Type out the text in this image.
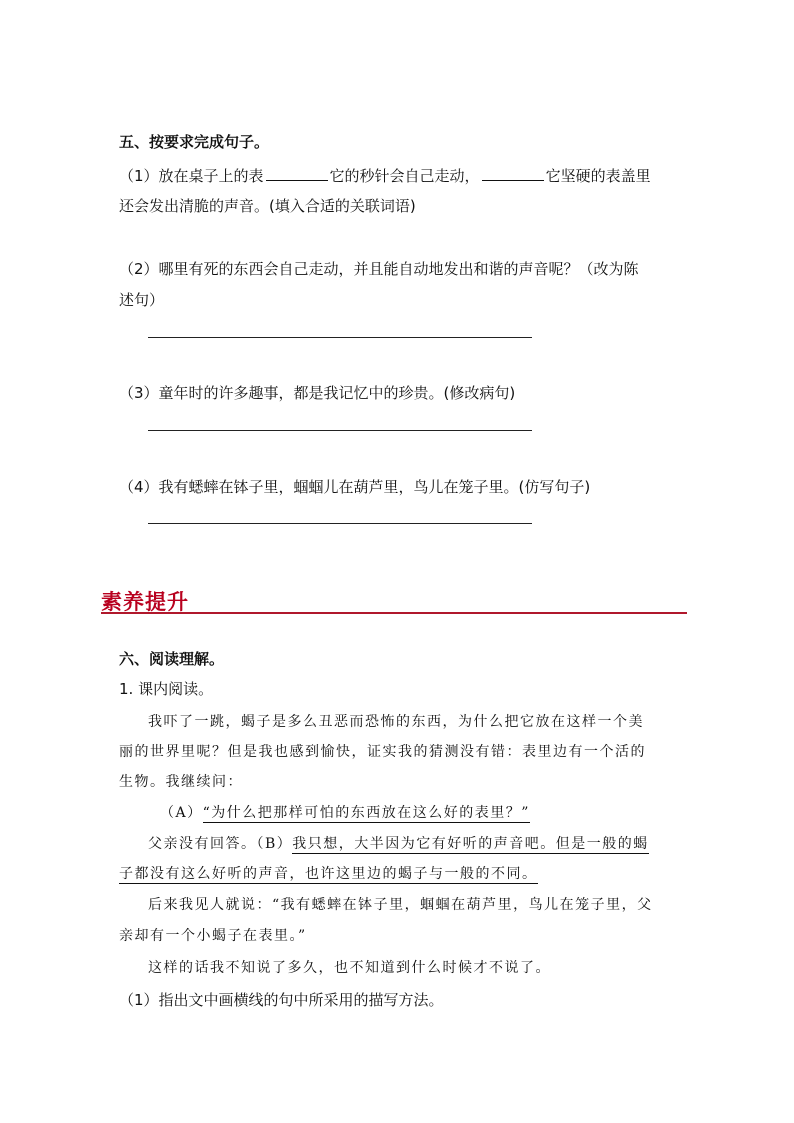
五、按要求完成句子。
（1）放在桌子上的表	它的秒针会自己走动，	它坚硬的表盖里
还会发出清脆的声音。(填入合适的关联词语)
（2）哪里有死的东西会自己走动，并且能自动地发出和谐的声音呢？（改为陈
述句）
（3）童年时的许多趣事，都是我记忆中的珍贵。(修改病句)
（4）我有蟋蟀在钵子里，蝈蝈儿在葫芦里，鸟儿在笼子里。(仿写句子)
素养提升
六、阅读理解。
1. 课内阅读。
我吓了一跳，蝎子是多么丑恶而恐怖的东西，为什么把它放在这样一个美
丽的世界里呢？但是我也感到愉快，证实我的猜测没有错：表里边有一个活的
生物。我继续问：
（A）“为什么把那样可怕的东西放在这么好的表里？”
父亲没有回答。（B）我只想，大半因为它有好听的声音吧。但是一般的蝎
子都没有这么好听的声音，也许这里边的蝎子与一般的不同。
后来我见人就说：“我有蟋蟀在钵子里，蝈蝈在葫芦里，鸟儿在笼子里，父
亲却有一个小蝎子在表里。”
这样的话我不知说了多久，也不知道到什么时候才不说了。
（1）指出文中画横线的句中所采用的描写方法。
